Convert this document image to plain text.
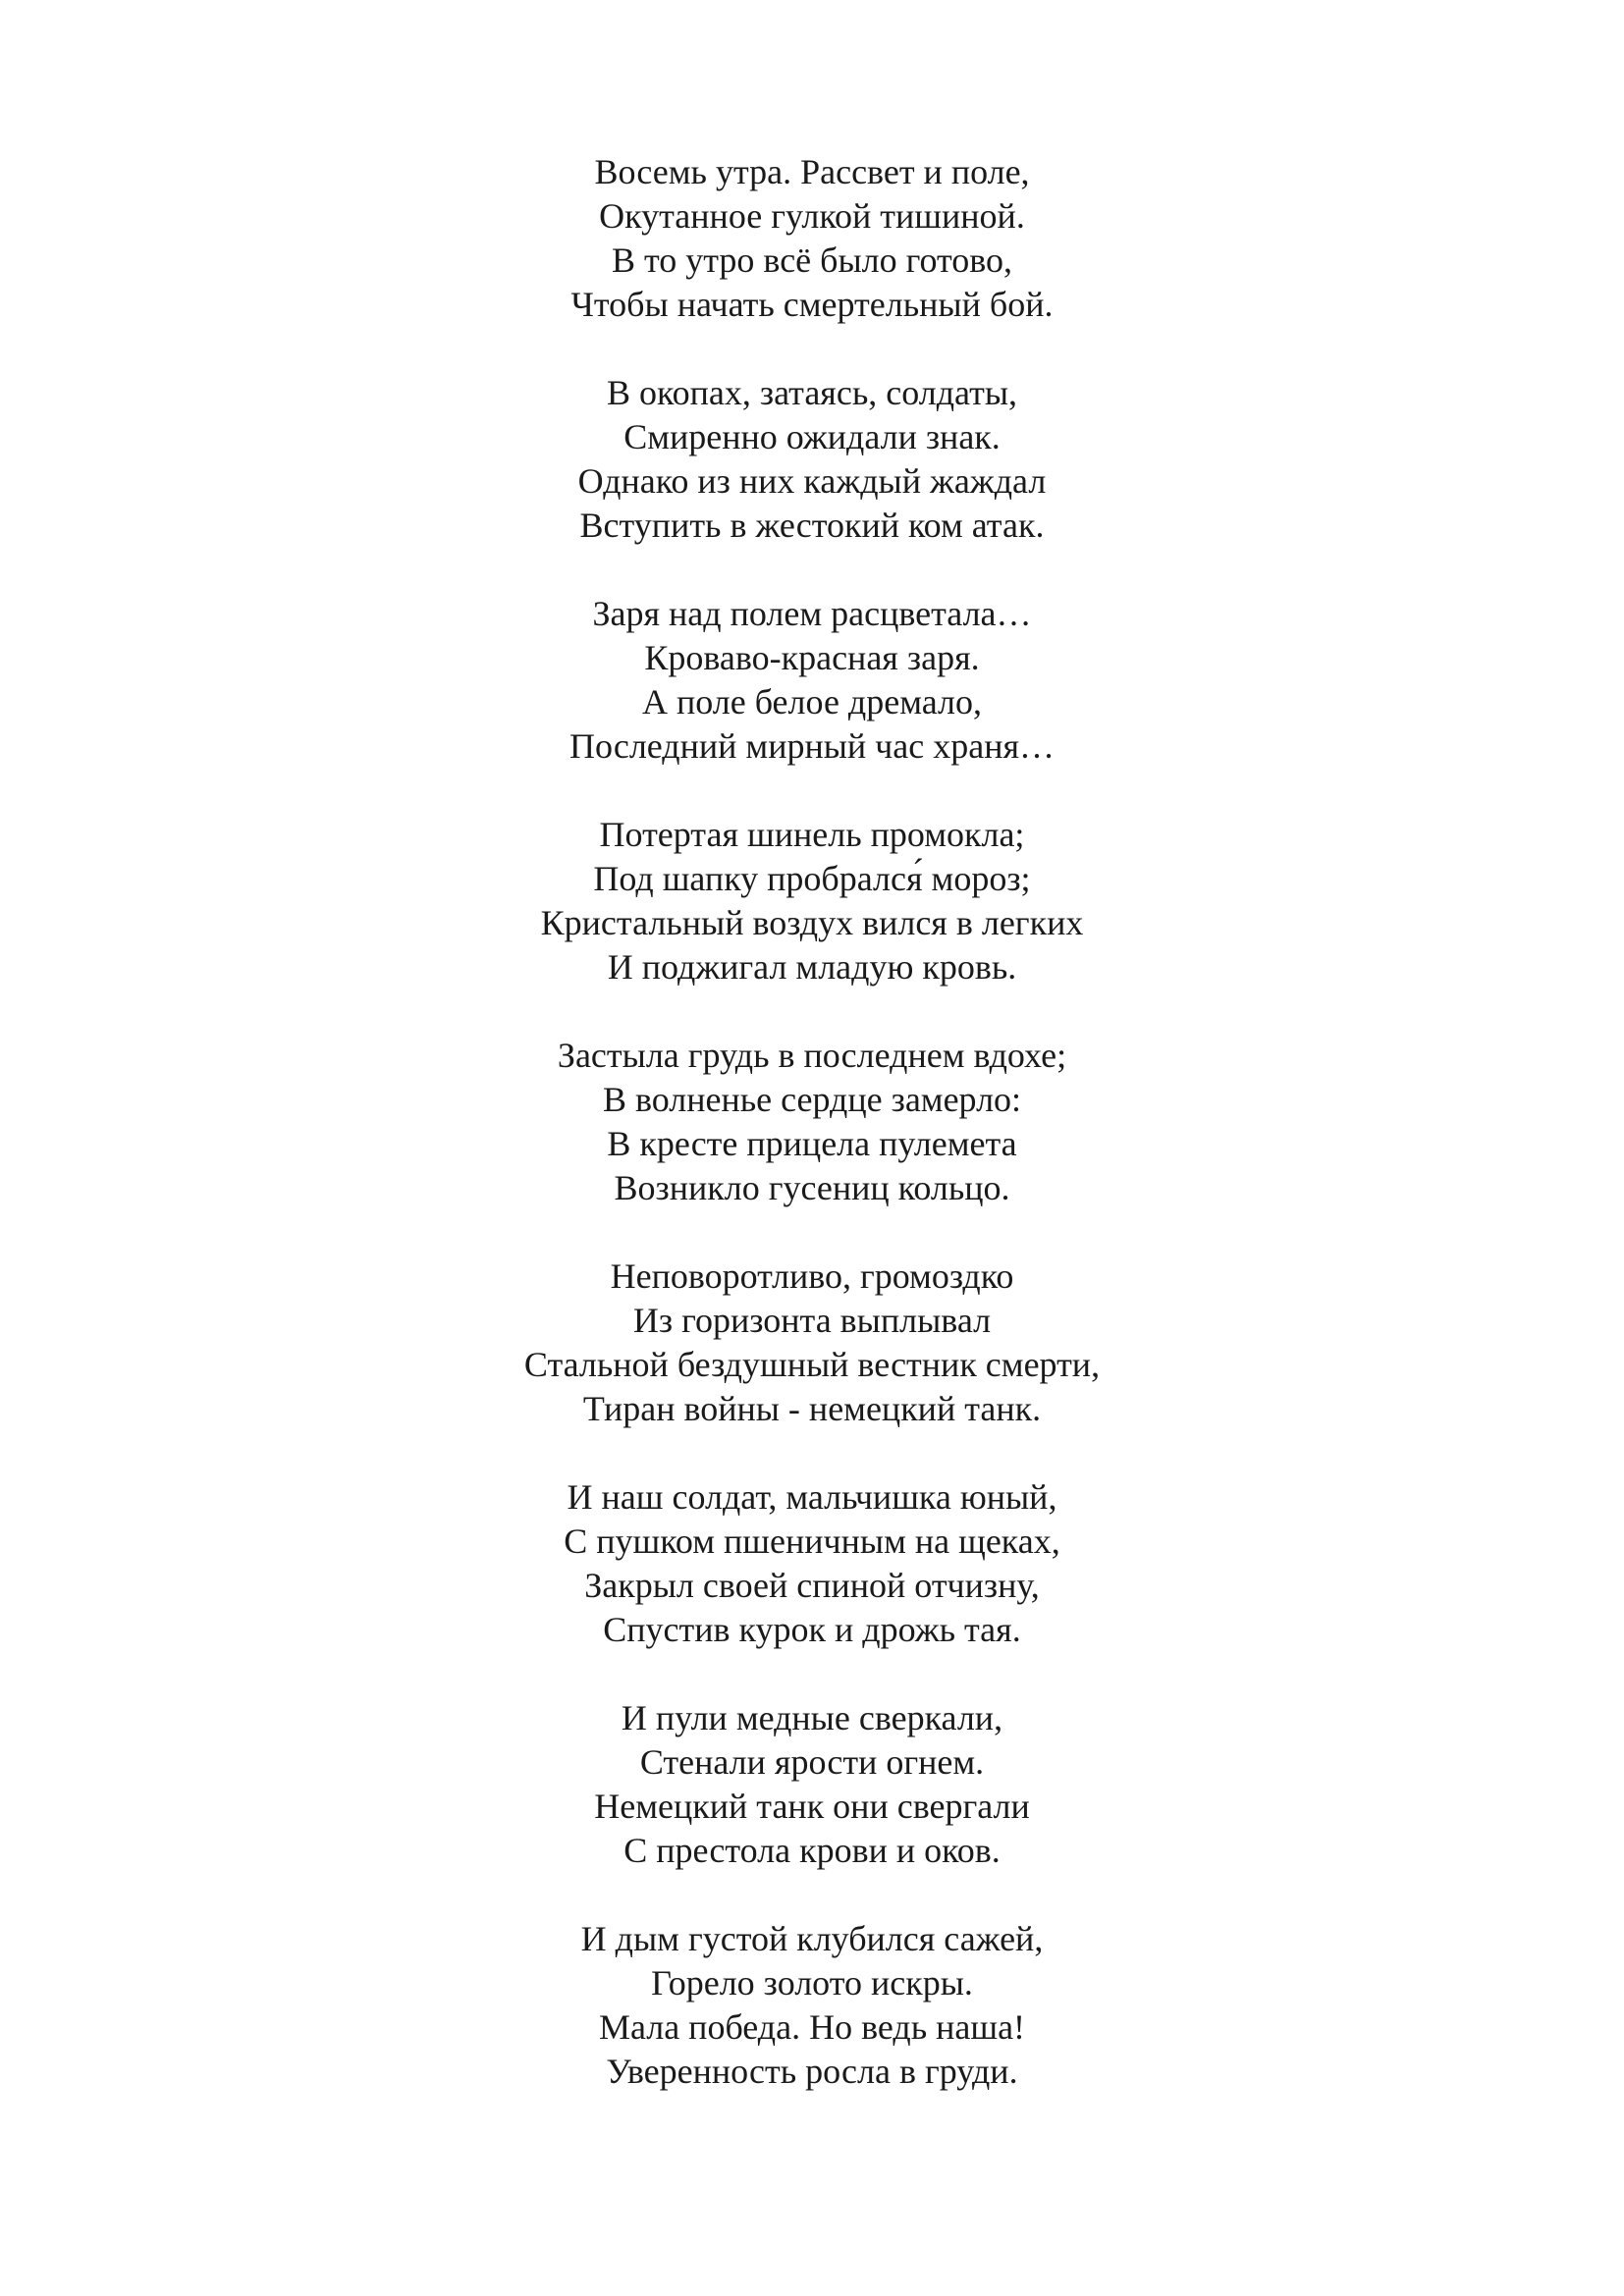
Восемь утра. Рассвет и поле,
Окутанное гулкой тишиной.
В то утро всё было готово,
Чтобы начать смертельный бой.
В окопах, затаясь, солдаты,
Смиренно ожидали знак.
Однако из них каждый жаждал
Вступить в жестокий ком атак.
Заря над полем расцветала…
Кроваво-красная заря.
А поле белое дремало,
Последний мирный час храня…
Потертая шинель промокла;
Под шапку пробрался́ мороз;
Кристальный воздух вился в легких
И поджигал младую кровь.
Застыла грудь в последнем вдохе;
В волненье сердце замерло:
В кресте прицела пулемета
Возникло гусениц кольцо.
Неповоротливо, громоздко
Из горизонта выплывал
Стальной бездушный вестник смерти,
Тиран войны - немецкий танк.
И наш солдат, мальчишка юный,
С пушком пшеничным на щеках,
Закрыл своей спиной отчизну,
Спустив курок и дрожь тая.
И пули медные сверкали,
Стенали ярости огнем.
Немецкий танк они свергали
С престола крови и оков.
И дым густой клубился сажей,
Горело золото искры.
Мала победа. Но ведь наша!
Уверенность росла в груди.
